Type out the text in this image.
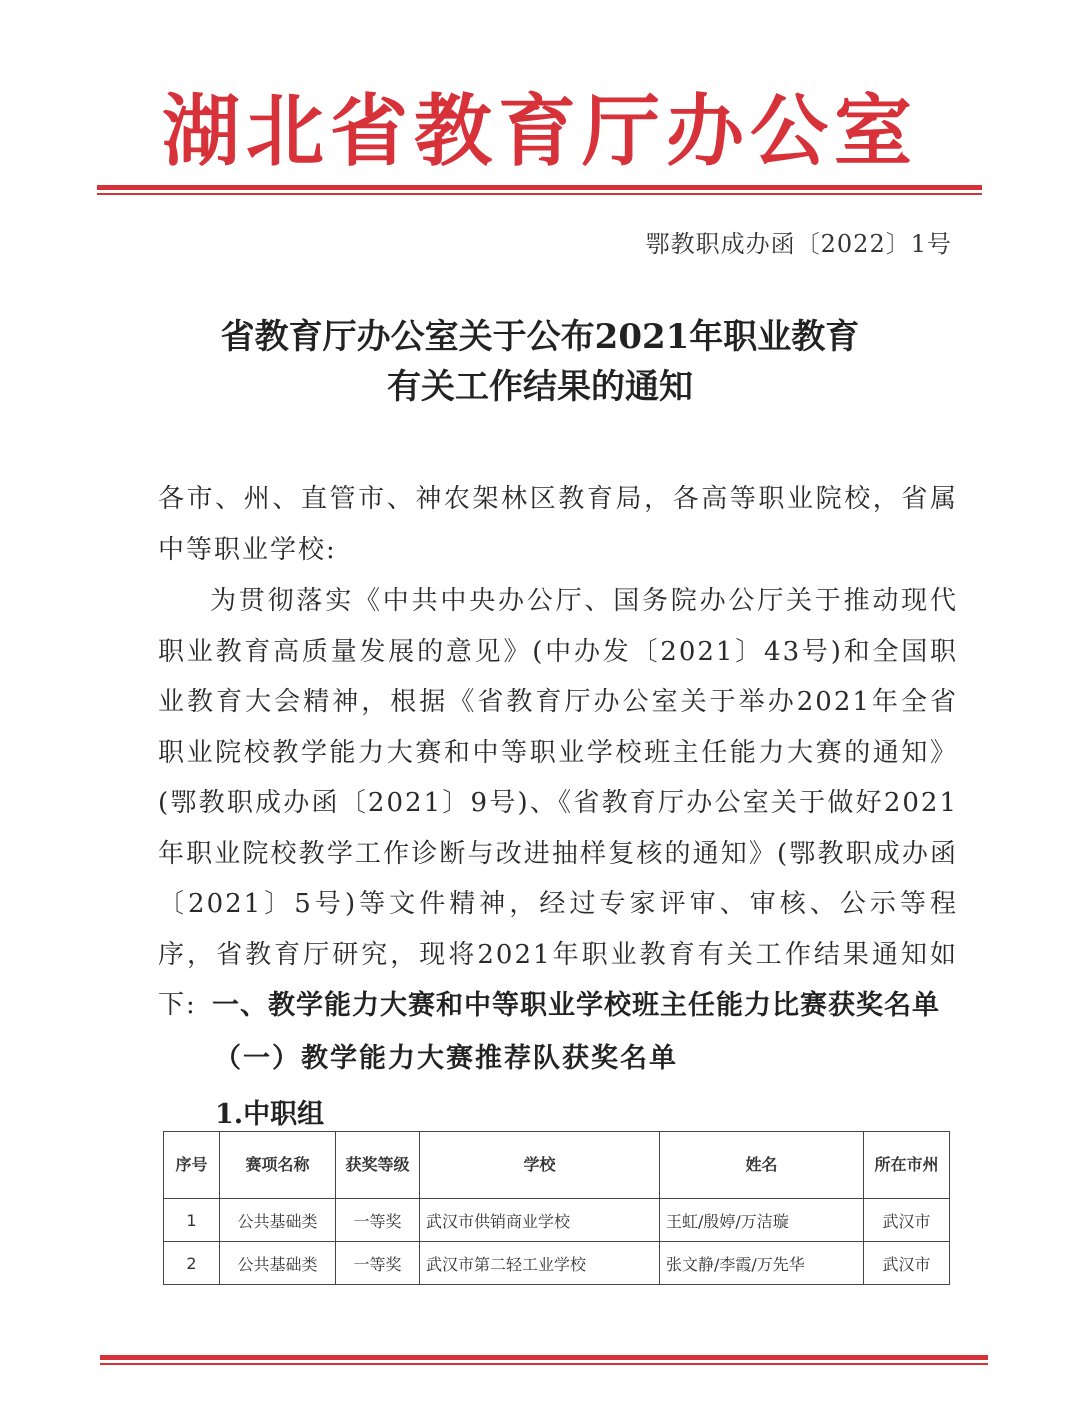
湖北省教育厅办公室
鄂教职成办函〔2022〕1号
省教育厅办公室关于公布2021年职业教育
有关工作结果的通知
各市、州、直管市、神农架林区教育局，各高等职业院校，省属中等职业学校:
为贯彻落实《中共中央办公厅、国务院办公厅关于推动现代职业教育高质量发展的意见》(中办发〔2021〕43号)和全国职业教育大会精神，根据《省教育厅办公室关于举办2021年全省职业院校教学能力大赛和中等职业学校班主任能力大赛的通知》(鄂教职成办函〔2021〕9号)、《省教育厅办公室关于做好2021年职业院校教学工作诊断与改进抽样复核的通知》(鄂教职成办函〔2021〕5号)等文件精神，经过专家评审、审核、公示等程序，省教育厅研究，现将2021年职业教育有关工作结果通知如下: 一、教学能力大赛和中等职业学校班主任能力比赛获奖名单
（一）教学能力大赛推荐队获奖名单
1.中职组
序号	赛项名称	获奖等级	学校	姓名	所在市州
1	公共基础类	一等奖	武汉市供销商业学校	王虹/殷婷/万洁璇	武汉市
2	公共基础类	一等奖	武汉市第二轻工业学校	张文静/李霞/万先华	武汉市
